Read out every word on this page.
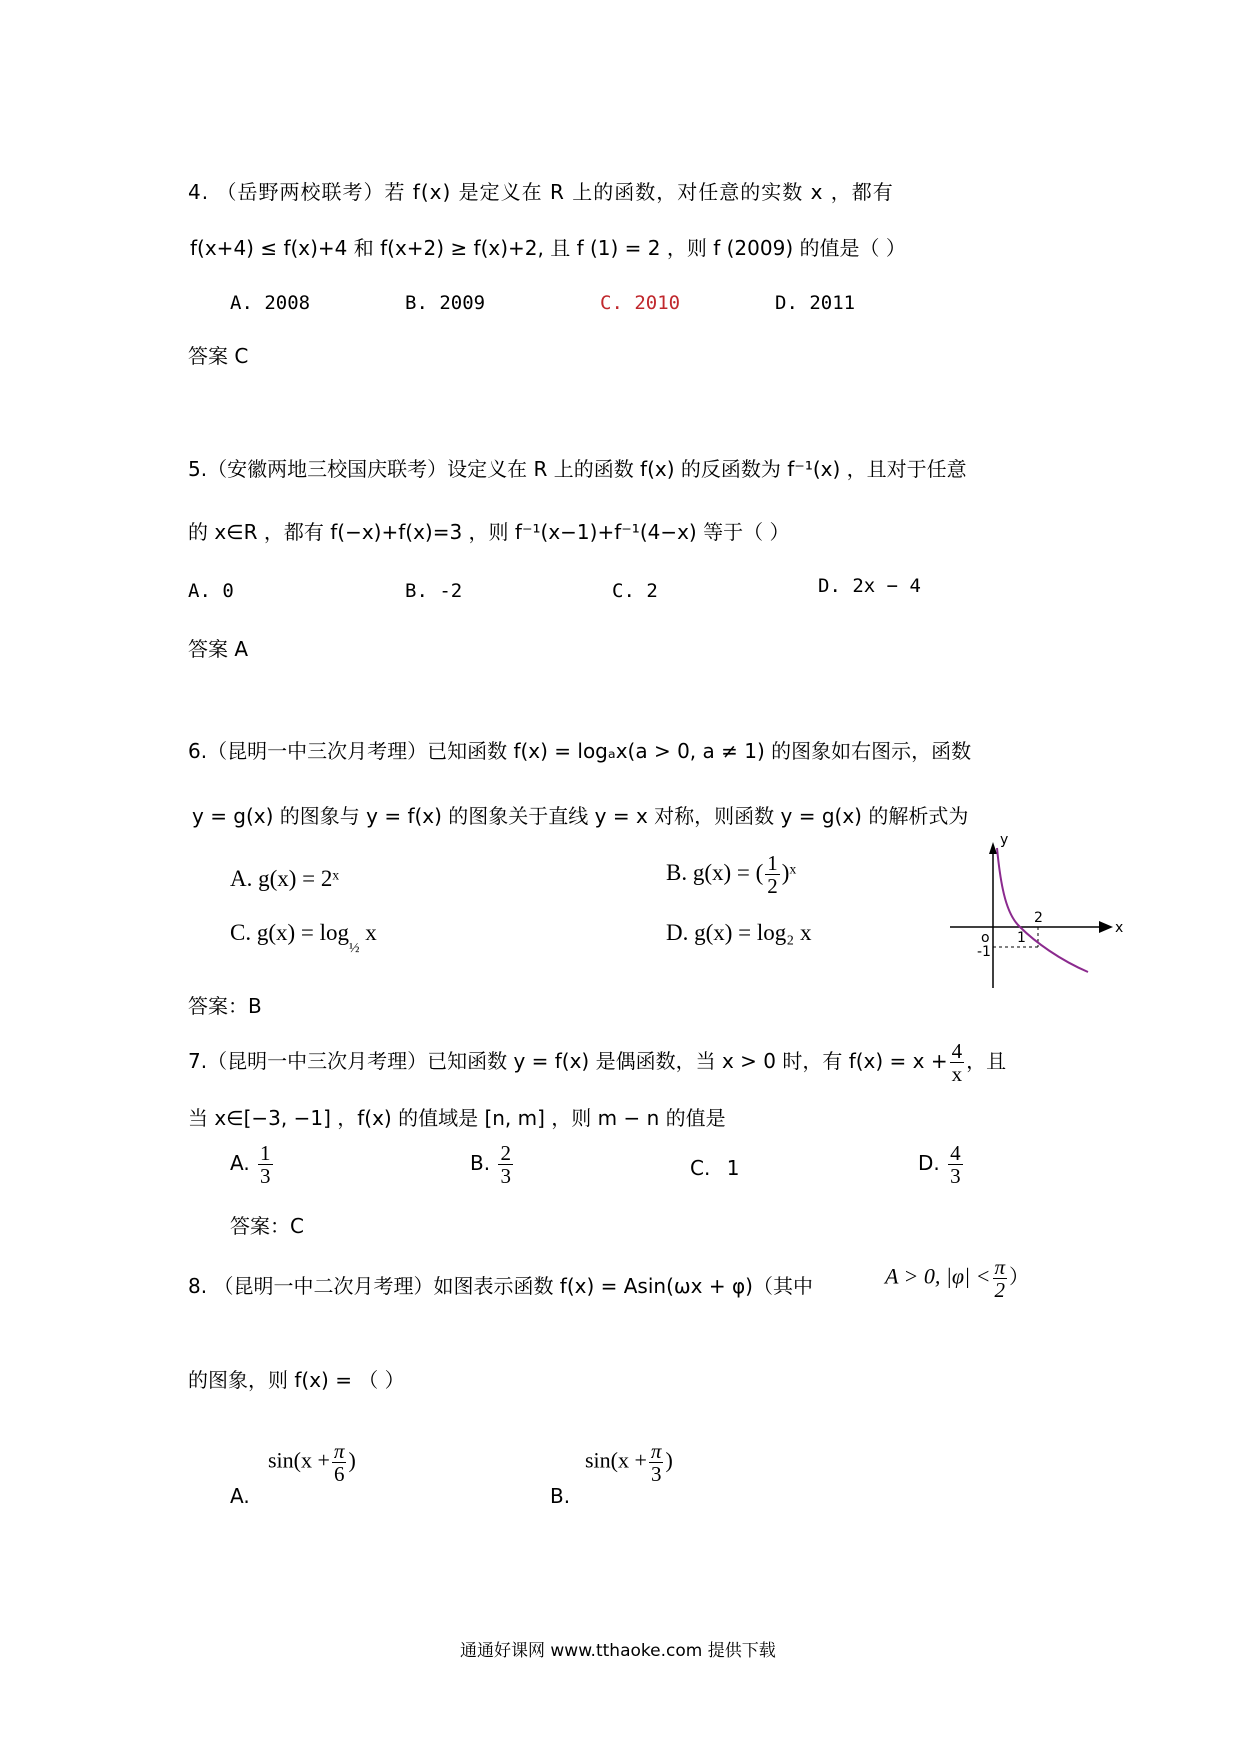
4. （岳野两校联考）若 f(x) 是定义在 R 上的函数，对任意的实数 x ，都有
f(x+4) ≤ f(x)+4 和 f(x+2) ≥ f(x)+2, 且 f (1) = 2 ，则 f (2009) 的值是（ ）
A. 2008	B. 2009	C. 2010	D. 2011
答案 C
5.（安徽两地三校国庆联考）设定义在 R 上的函数 f(x) 的反函数为 f⁻¹(x) ，且对于任意
的 x∈R ，都有 f(−x)+f(x)=3 ，则 f⁻¹(x−1)+f⁻¹(4−x) 等于（ ）
A. 0	B. -2	C. 2	D. 2x − 4
答案 A
6.（昆明一中三次月考理）已知函数 f(x) = logₐx(a > 0, a ≠ 1) 的图象如右图示，函数
y = g(x) 的图象与 y = f(x) 的图象关于直线 y = x 对称，则函数 y = g(x) 的解析式为
A. g(x) = 2ˣ	B. g(x) = ( $\frac{1}{2}$ )ˣ
C. $g(x) = \log_{\frac{1}{2}} x$	D. g(x) = log₂ x
y
x
o 1
2
-1
答案：B
7.（昆明一中三次月考理）已知函数 y = f(x) 是偶函数，当 x > 0 时，有 $f(x) = x + \frac{4}{x}$ ，且
当 x∈[−3, −1] ，f(x) 的值域是 [n, m] ，则 m − n 的值是
A. $\frac{1}{3}$	B. $\frac{2}{3}$	C. 1	D. $\frac{4}{3}$
答案：C
8. （昆明一中二次月考理）如图表示函数 f(x) = Asin(ωx + φ)（其中	A > 0, $|\varphi| < \frac{\pi}{2}$ ）
的图象，则 f(x) = （ ）
A.
$\sin(x + \frac{\pi}{6}$ )
B.
$\sin(x + \frac{\pi}{3}$ )
通通好课网 www.tthaoke.com 提供下载
